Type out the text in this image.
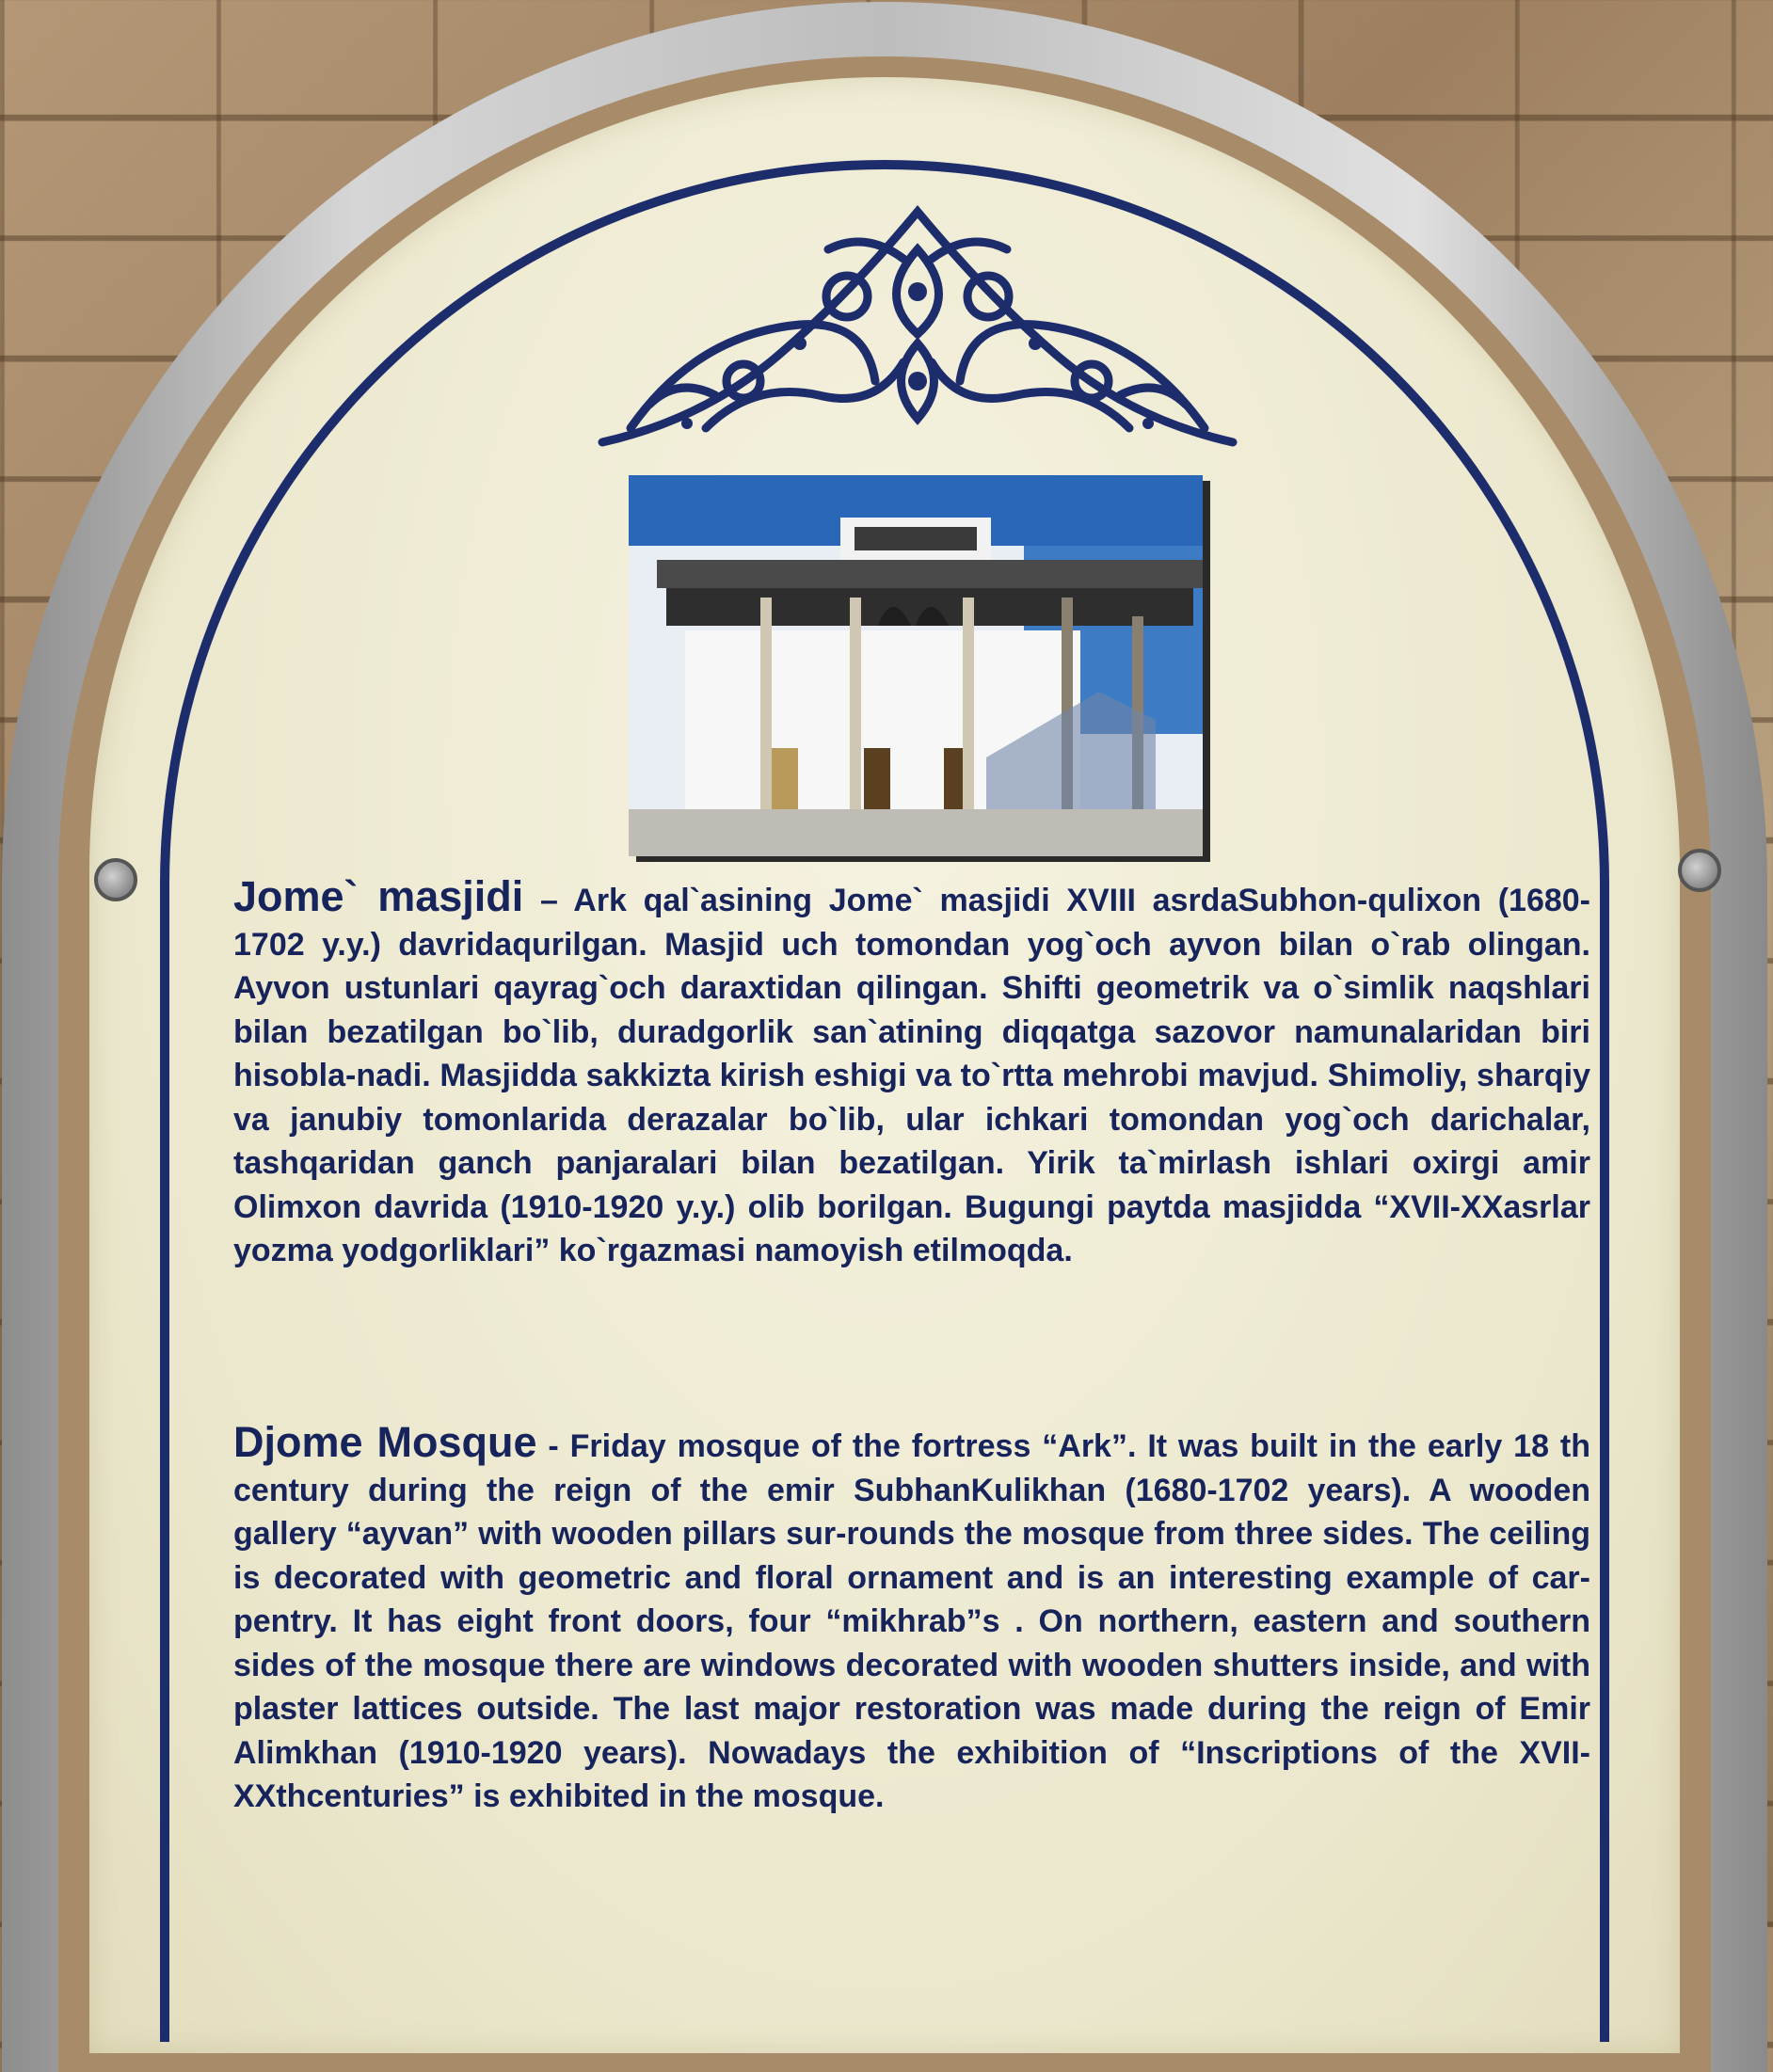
Jome` masjidi – Ark qal`asining Jome` masjidi XVIII asrdaSubhon-qulixon (1680-1702 y.y.) davridaqurilgan. Masjid uch tomondan yog`och ayvon bilan o`rab olingan. Ayvon ustunlari qayrag`och daraxtidan qilingan. Shifti geometrik va o`simlik naqshlari bilan bezatilgan bo`lib, duradgorlik san`atining diqqatga sazovor namunalaridan biri hisobla-nadi. Masjidda sakkizta kirish eshigi va to`rtta mehrobi mavjud. Shimoliy, sharqiy va janubiy tomonlarida derazalar bo`lib, ular ichkari tomondan yog`och darichalar, tashqaridan ganch panjaralari bilan bezatilgan. Yirik ta`mirlash ishlari oxirgi amir Olimxon davrida (1910-1920 y.y.) olib borilgan. Bugungi paytda masjidda “XVII-XXasrlar yozma yodgorliklari” ko`rgazmasi namoyish etilmoqda.
Djome Mosque - Friday mosque of the fortress “Ark”. It was built in the early 18 th century during the reign of the emir SubhanKulikhan (1680-1702 years). A wooden gallery “ayvan” with wooden pillars sur-rounds the mosque from three sides. The ceiling is decorated with geometric and floral ornament and is an interesting example of car-pentry. It has eight front doors, four “mikhrab”s . On northern, eastern and southern sides of the mosque there are windows decorated with wooden shutters inside, and with plaster lattices outside. The last major restoration was made during the reign of Emir Alimkhan (1910-1920 years). Nowadays the exhibition of “Inscriptions of the XVII-XXthcenturies” is exhibited in the mosque.
